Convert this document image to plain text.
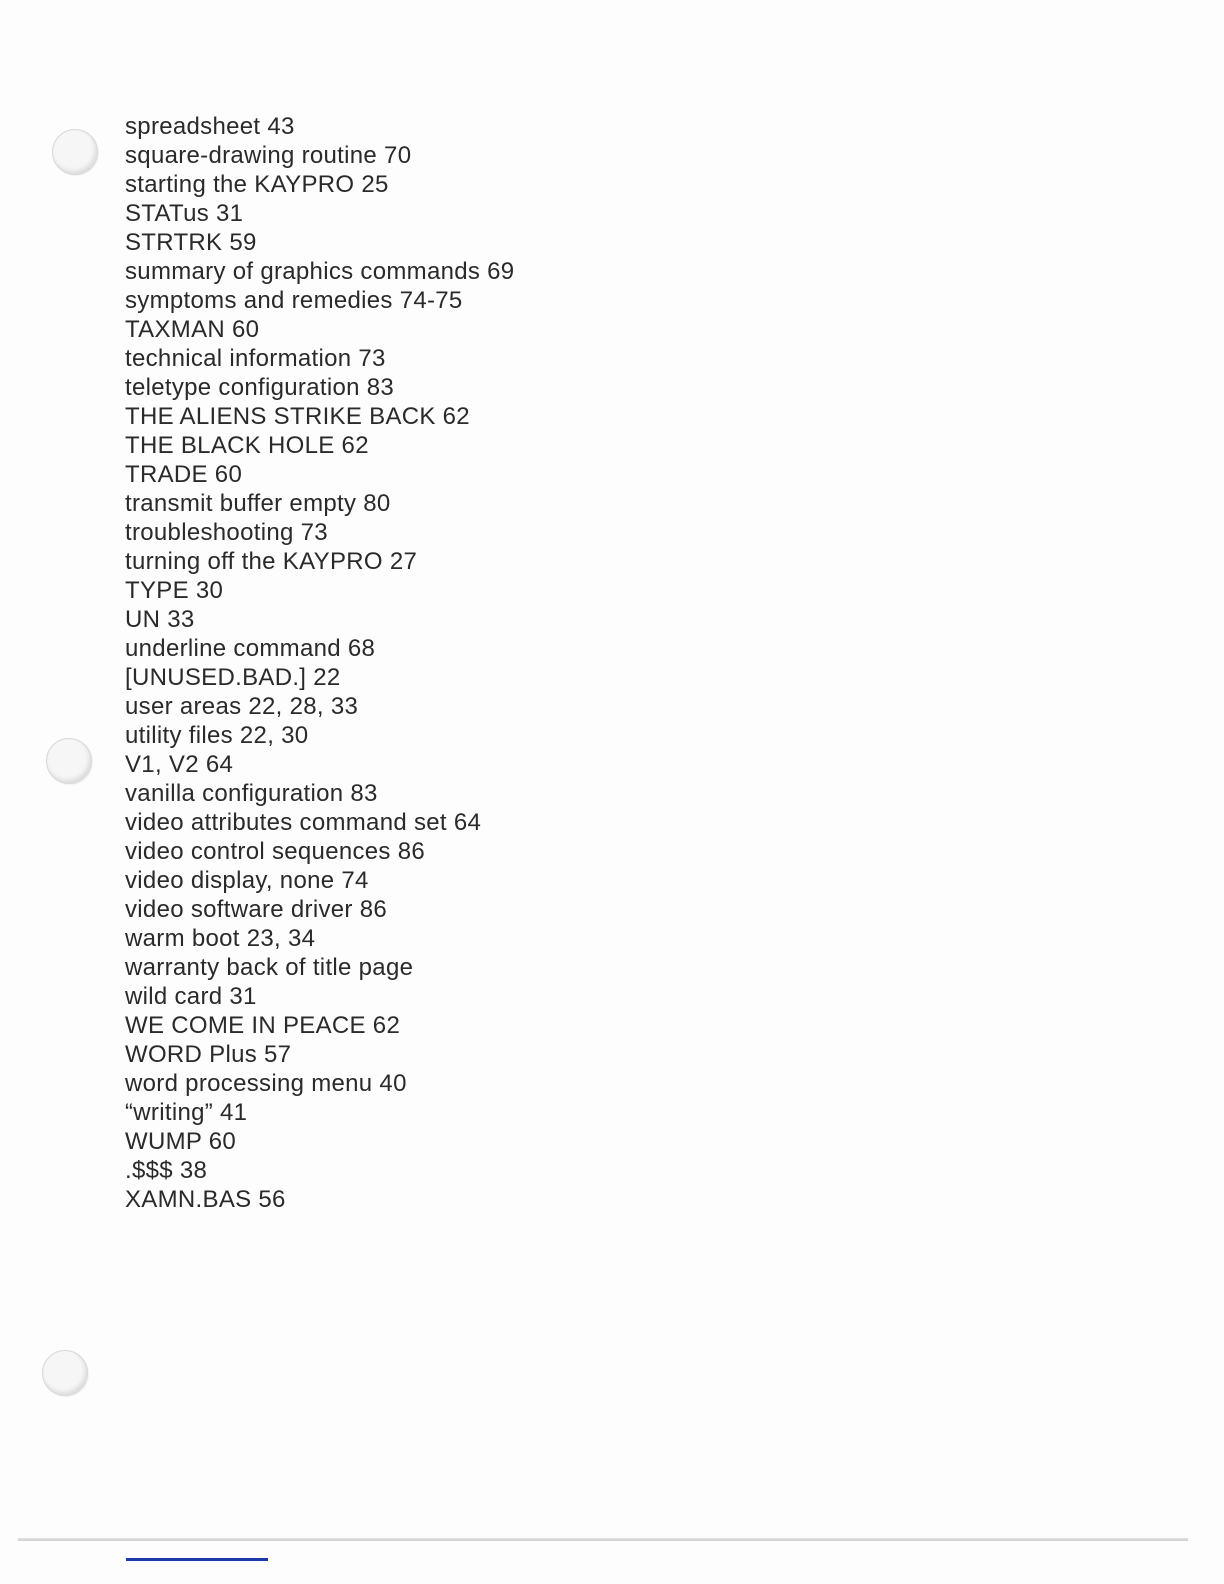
spreadsheet 43
square-drawing routine 70
starting the KAYPRO 25
STATus 31
STRTRK 59
summary of graphics commands 69
symptoms and remedies 74-75
TAXMAN 60
technical information 73
teletype configuration 83
THE ALIENS STRIKE BACK 62
THE BLACK HOLE 62
TRADE 60
transmit buffer empty 80
troubleshooting 73
turning off the KAYPRO 27
TYPE 30
UN 33
underline command 68
[UNUSED.BAD.] 22
user areas 22, 28, 33
utility files 22, 30
V1, V2 64
vanilla configuration 83
video attributes command set 64
video control sequences 86
video display, none 74
video software driver 86
warm boot 23, 34
warranty back of title page
wild card 31
WE COME IN PEACE 62
WORD Plus 57
word processing menu 40
“writing” 41
WUMP 60
.$$$ 38
XAMN.BAS 56
